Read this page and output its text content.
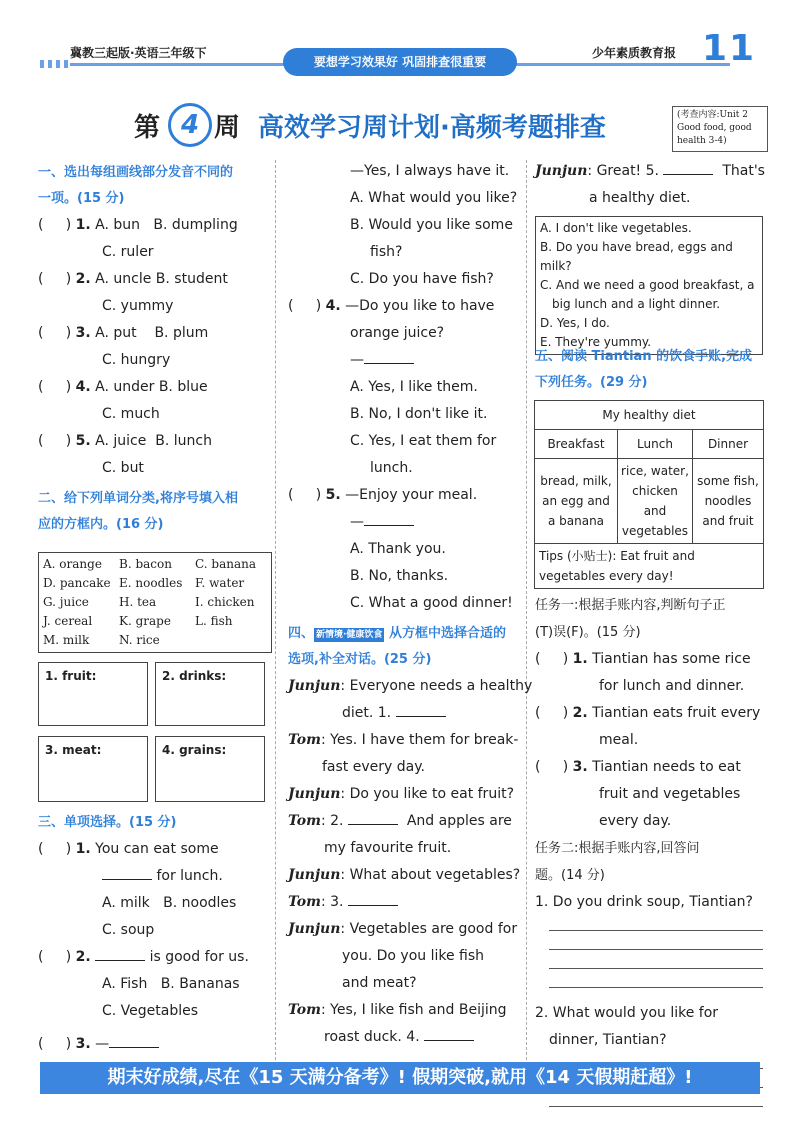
冀教三起版·英语三年级下
要想学习效果好 巩固排查很重要
少年素质教育报 11
第 4 周 高效学习周计划·高频考题排查	(考查内容:Unit 2
Good food, good
health 3-4)
一、选出每组画线部分发音不同的
一项。(15 分)
(     ) 1. A. bun B. dumpling
C. ruler
(     ) 2. A. uncle B. student
C. yummy
(     ) 3. A. put B. plum
C. hungry
(     ) 4. A. under B. blue
C. much
(     ) 5. A. juice B. lunch
C. but
二、给下列单词分类,将序号填入相
应的方框内。(16 分)
A. orange	B. bacon	C. banana
D. pancake E. noodles	F. water
G. juice	H. tea	I. chicken
J. cereal	K. grape	L. fish
M. milk	N. rice
1. fruit:	2. drinks:
3. meat:	4. grains:
三、单项选择。(15 分)
(     ) 1. You can eat some
for lunch.
A. milk B. noodles
C. soup
(     ) 2.	is good for us.
A. Fish B. Bananas
C. Vegetables
(     ) 3. —
—Yes, I always have it.
A. What would you like?
B. Would you like some
fish?
C. Do you have fish?
(     ) 4. —Do you like to have
orange juice?
—
A. Yes, I like them.
B. No, I don't like it.
C. Yes, I eat them for
lunch.
(     ) 5. —Enjoy your meal.
—
A. Thank you.
B. No, thanks.
C. What a good dinner!
四、 新情境·健康饮食 从方框中选择合适的
选项,补全对话。(25 分)
Junjun: Everyone needs a healthy
diet. 1.
Tom: Yes. I have them for break-
fast every day.
Junjun: Do you like to eat fruit?
Tom: 2.	And apples are
my favourite fruit.
Junjun: What about vegetables?
Tom: 3.
Junjun: Vegetables are good for
you. Do you like fish
and meat?
Tom: Yes, I like fish and Beijing
roast duck. 4.
Junjun: Great! 5.	That's
a healthy diet.
A. I don't like vegetables.
B. Do you have bread, eggs and milk?
C. And we need a good breakfast, a
big lunch and a light dinner.
D. Yes, I do.
E. They're yummy.
五、阅读 Tiantian 的饮食手账,完成
下列任务。(29 分)
My healthy diet		
Breakfast	Lunch	Dinner
bread, milk, an egg and a banana	rice, water, chicken and vegetables	some fish, noodles and fruit
Tips (小贴士): Eat fruit and vegetables every day!		
任务一:根据手账内容,判断句子正
(T)误(F)。(15 分)
(     ) 1. Tiantian has some rice
for lunch and dinner.
(     ) 2. Tiantian eats fruit every
meal.
(     ) 3. Tiantian needs to eat
fruit and vegetables
every day.
任务二:根据手账内容,回答问
题。(14 分)
1. Do you drink soup, Tiantian?

2. What would you like for
dinner, Tiantian?

期末好成绩,尽在《15 天满分备考》! 假期突破,就用《14 天假期赶超》!
